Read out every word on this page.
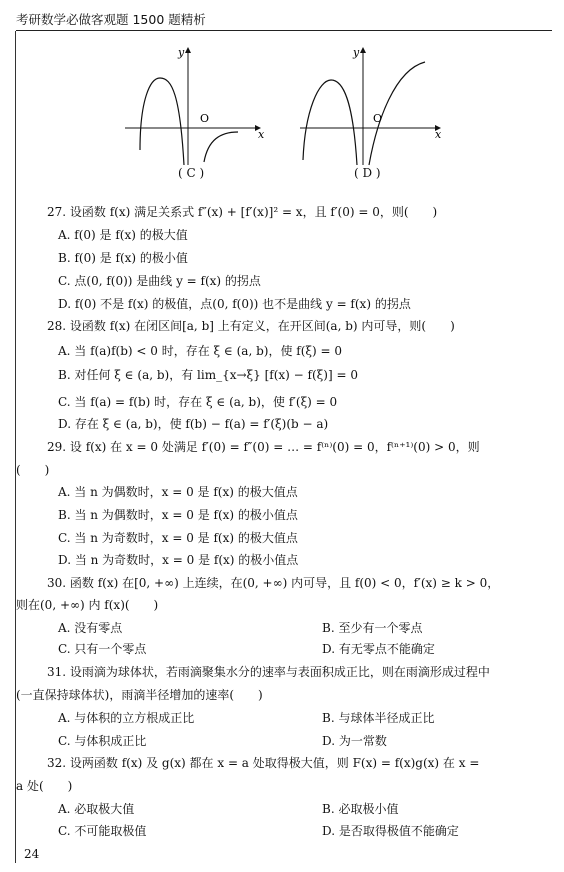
考研数学必做客观题 1500 题精析
y
x
O
( C )
y
x
O
( D )
27. 设函数 f(x) 满足关系式 f″(x) + [f′(x)]² = x，且 f′(0) = 0，则(　　)
A. f(0) 是 f(x) 的极大值
B. f(0) 是 f(x) 的极小值
C. 点(0, f(0)) 是曲线 y = f(x) 的拐点
D. f(0) 不是 f(x) 的极值，点(0, f(0)) 也不是曲线 y = f(x) 的拐点
28. 设函数 f(x) 在闭区间[a, b] 上有定义，在开区间(a, b) 内可导，则(　　)
A. 当 f(a)f(b) < 0 时，存在 ξ ∈ (a, b)，使 f(ξ) = 0
B. 对任何 ξ ∈ (a, b)，有 lim_{x→ξ} [f(x) − f(ξ)] = 0
C. 当 f(a) = f(b) 时，存在 ξ ∈ (a, b)，使 f′(ξ) = 0
D. 存在 ξ ∈ (a, b)，使 f(b) − f(a) = f′(ξ)(b − a)
29. 设 f(x) 在 x = 0 处满足 f′(0) = f″(0) = … = f⁽ⁿ⁾(0) = 0，f⁽ⁿ⁺¹⁾(0) > 0，则
(　　)
A. 当 n 为偶数时，x = 0 是 f(x) 的极大值点
B. 当 n 为偶数时，x = 0 是 f(x) 的极小值点
C. 当 n 为奇数时，x = 0 是 f(x) 的极大值点
D. 当 n 为奇数时，x = 0 是 f(x) 的极小值点
30. 函数 f(x) 在[0, +∞) 上连续，在(0, +∞) 内可导，且 f(0) < 0，f′(x) ≥ k > 0，
则在(0, +∞) 内 f(x)(　　)
A. 没有零点	B. 至少有一个零点
C. 只有一个零点	D. 有无零点不能确定
31. 设雨滴为球体状，若雨滴聚集水分的速率与表面积成正比，则在雨滴形成过程中
(一直保持球体状)，雨滴半径增加的速率(　　)
A. 与体积的立方根成正比	B. 与球体半径成正比
C. 与体积成正比	D. 为一常数
32. 设两函数 f(x) 及 g(x) 都在 x = a 处取得极大值，则 F(x) = f(x)g(x) 在 x =
a 处(　　)
A. 必取极大值	B. 必取极小值
C. 不可能取极值	D. 是否取得极值不能确定
24
